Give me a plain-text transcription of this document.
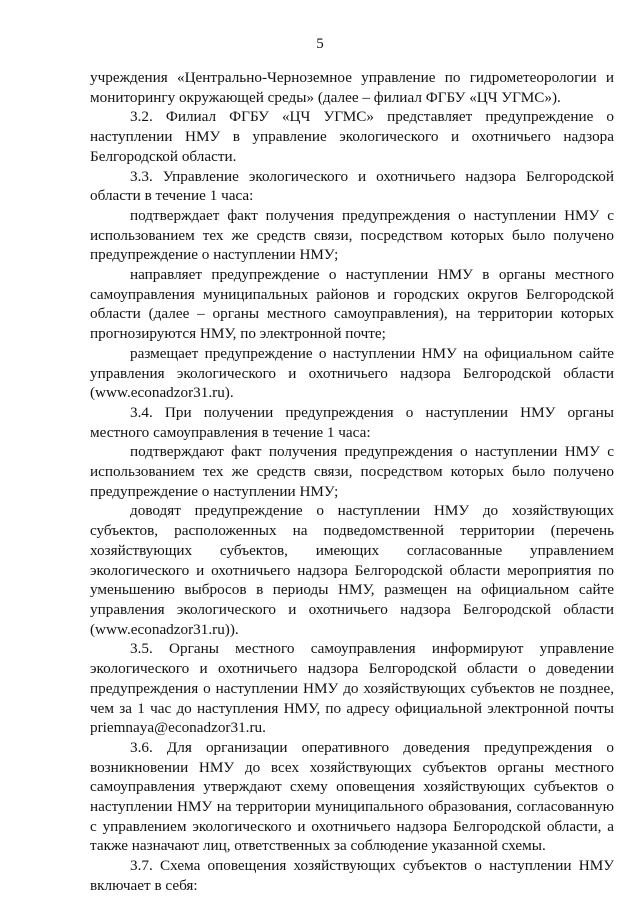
5

учреждения «Центрально-Черноземное управление по гидрометеорологии и мониторингу окружающей среды» (далее – филиал ФГБУ «ЦЧ УГМС»).

3.2. Филиал ФГБУ «ЦЧ УГМС» представляет предупреждение о наступлении НМУ в управление экологического и охотничьего надзора Белгородской области.

3.3. Управление экологического и охотничьего надзора Белгородской области в течение 1 часа:

подтверждает факт получения предупреждения о наступлении НМУ с использованием тех же средств связи, посредством которых было получено предупреждение о наступлении НМУ;

направляет предупреждение о наступлении НМУ в органы местного самоуправления муниципальных районов и городских округов Белгородской области (далее – органы местного самоуправления), на территории которых прогнозируются НМУ, по электронной почте;

размещает предупреждение о наступлении НМУ на официальном сайте управления экологического и охотничьего надзора Белгородской области (www.econadzor31.ru).

3.4. При получении предупреждения о наступлении НМУ органы местного самоуправления в течение 1 часа:

подтверждают факт получения предупреждения о наступлении НМУ с использованием тех же средств связи, посредством которых было получено предупреждение о наступлении НМУ;

доводят предупреждение о наступлении НМУ до хозяйствующих субъектов, расположенных на подведомственной территории (перечень хозяйствующих субъектов, имеющих согласованные управлением экологического и охотничьего надзора Белгородской области мероприятия по уменьшению выбросов в периоды НМУ, размещен на официальном сайте управления экологического и охотничьего надзора Белгородской области (www.econadzor31.ru)).

3.5. Органы местного самоуправления информируют управление экологического и охотничьего надзора Белгородской области о доведении предупреждения о наступлении НМУ до хозяйствующих субъектов не позднее, чем за 1 час до наступления НМУ, по адресу официальной электронной почты priemnaya@econadzor31.ru.

3.6. Для организации оперативного доведения предупреждения о возникновении НМУ до всех хозяйствующих субъектов органы местного самоуправления утверждают схему оповещения хозяйствующих субъектов о наступлении НМУ на территории муниципального образования, согласованную с управлением экологического и охотничьего надзора Белгородской области, а также назначают лиц, ответственных за соблюдение указанной схемы.

3.7. Схема оповещения хозяйствующих субъектов о наступлении НМУ включает в себя:
